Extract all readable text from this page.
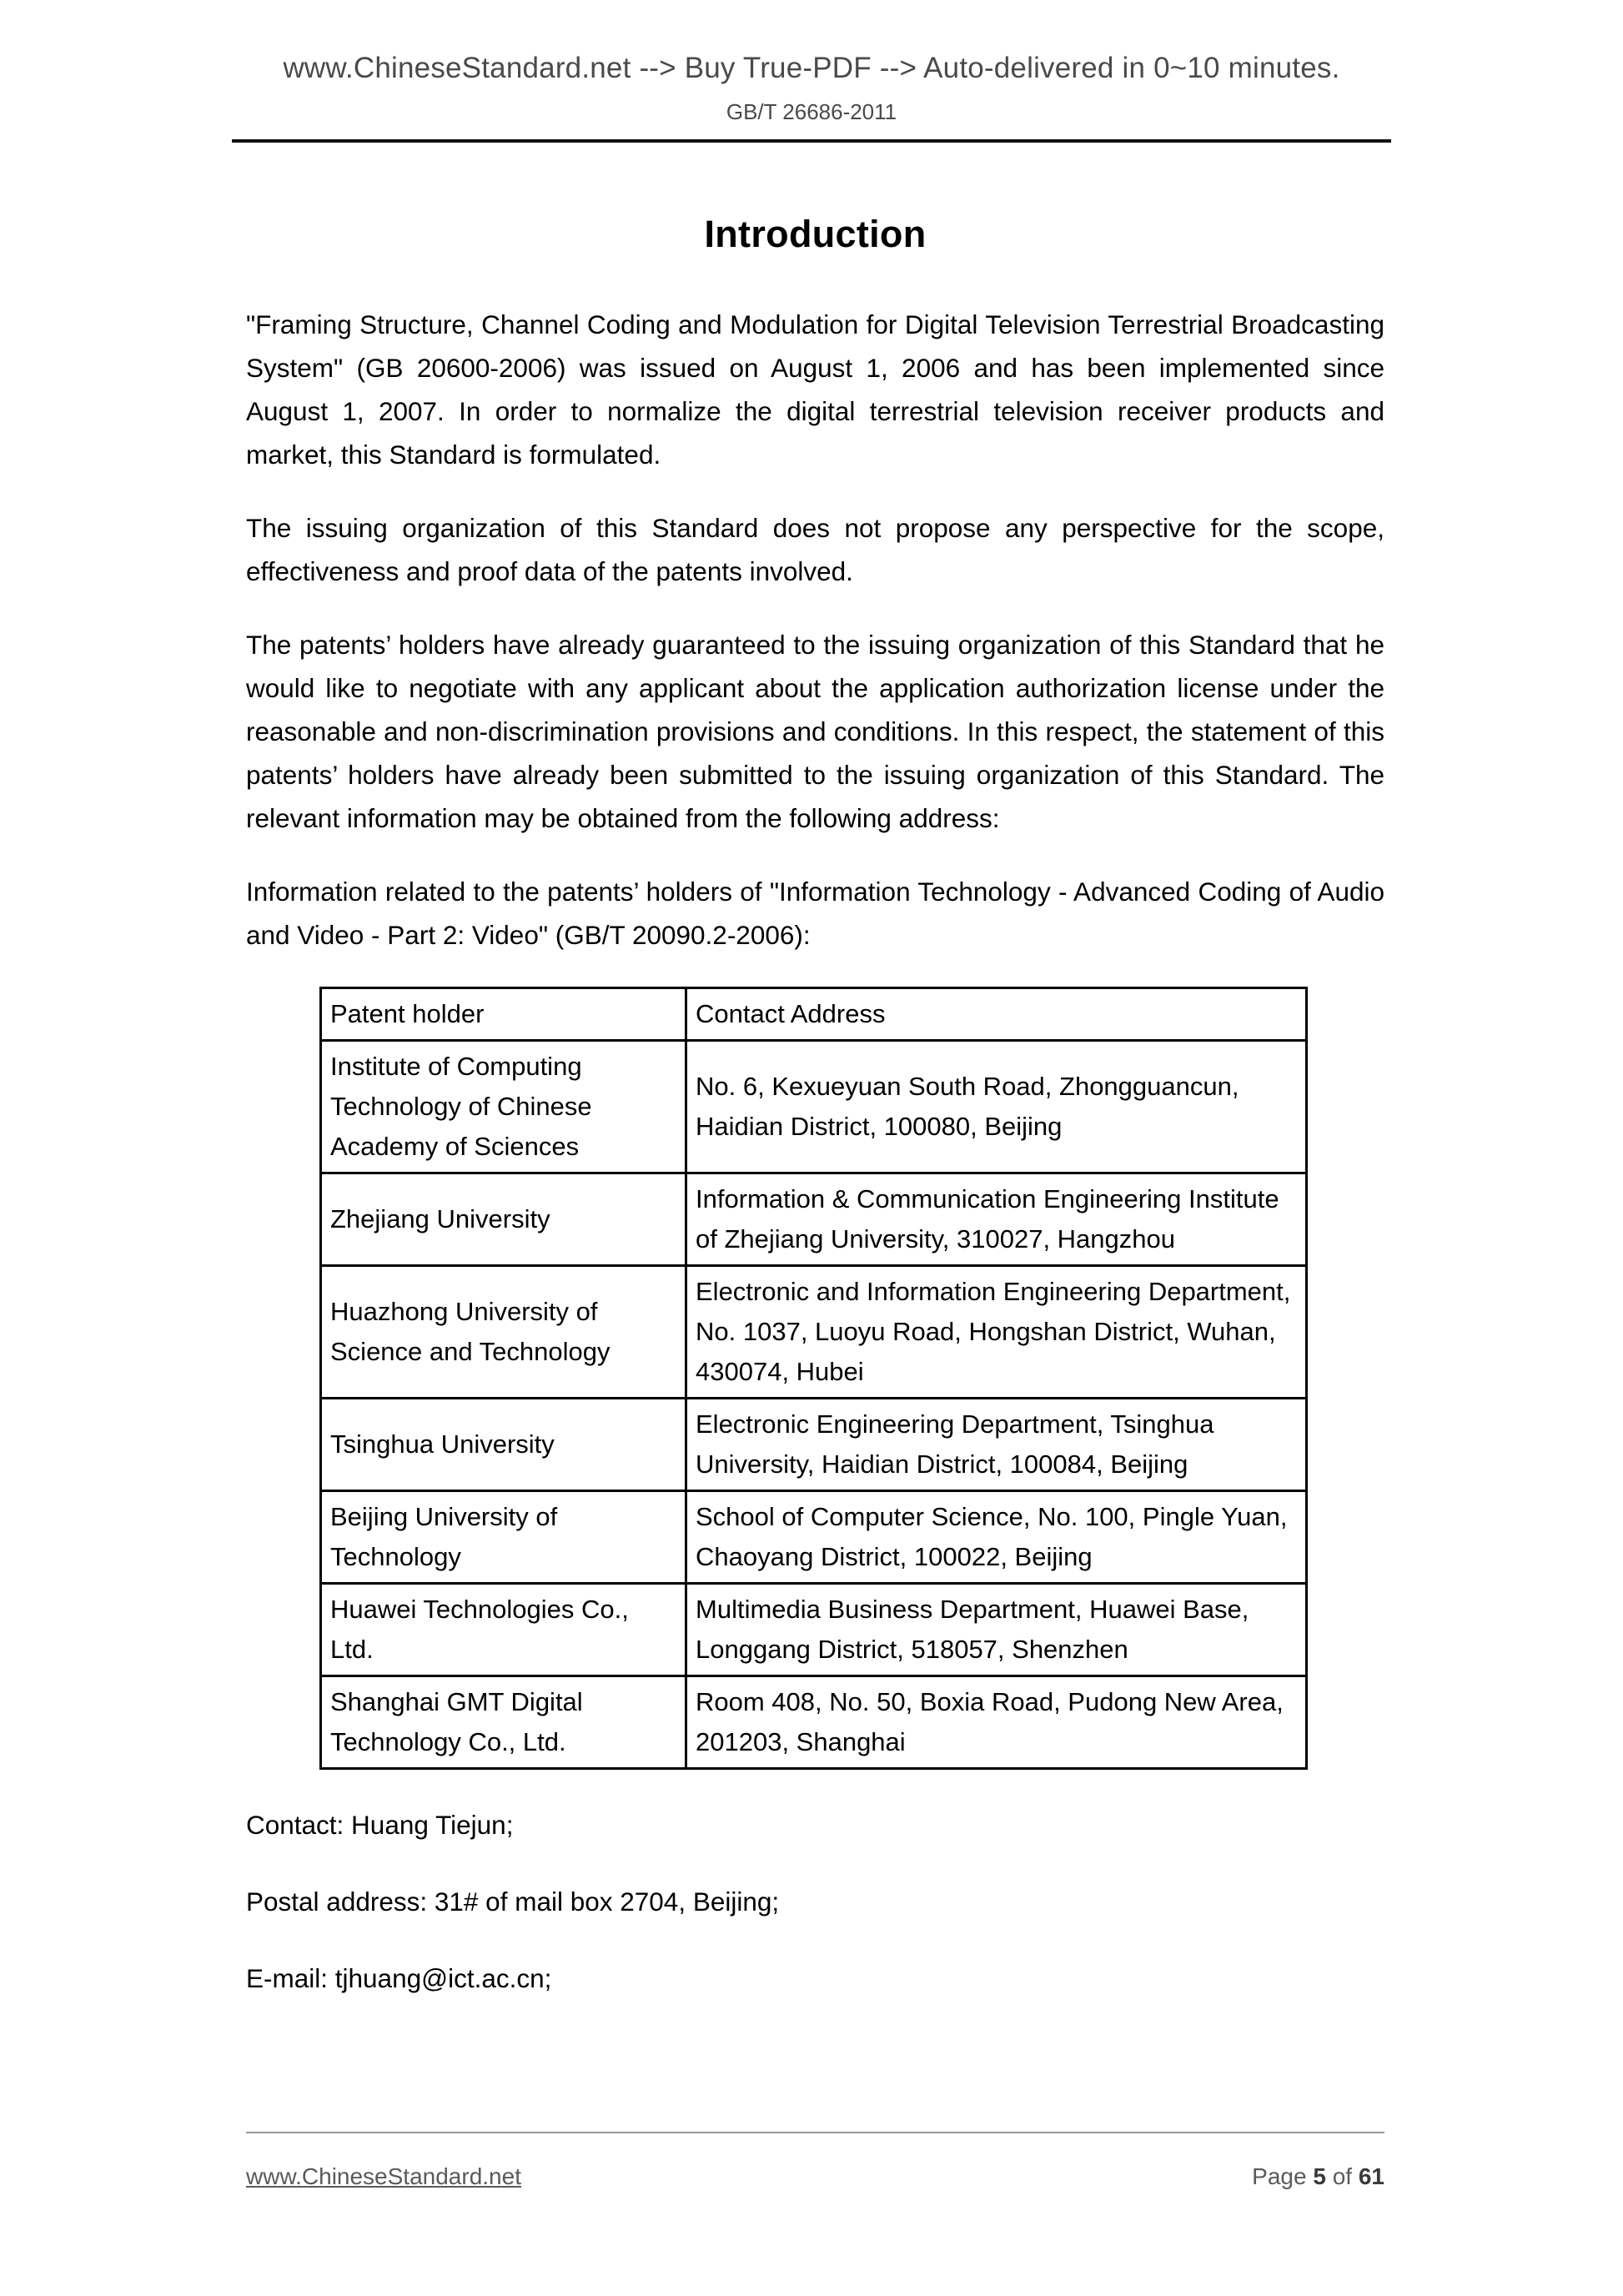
www.ChineseStandard.net --> Buy True-PDF --> Auto-delivered in 0~10 minutes.
GB/T 26686-2011
Introduction

"Framing Structure, Channel Coding and Modulation for Digital Television Terrestrial Broadcasting System" (GB 20600-2006) was issued on August 1, 2006 and has been implemented since August 1, 2007. In order to normalize the digital terrestrial television receiver products and market, this Standard is formulated.

The issuing organization of this Standard does not propose any perspective for the scope, effectiveness and proof data of the patents involved.

The patents’ holders have already guaranteed to the issuing organization of this Standard that he would like to negotiate with any applicant about the application authorization license under the reasonable and non-discrimination provisions and conditions. In this respect, the statement of this patents’ holders have already been submitted to the issuing organization of this Standard. The relevant information may be obtained from the following address:

Information related to the patents’ holders of "Information Technology - Advanced Coding of Audio and Video - Part 2: Video" (GB/T 20090.2-2006):

Patent holder	Contact Address
Institute of Computing Technology of Chinese Academy of Sciences	No. 6, Kexueyuan South Road, Zhongguancun, Haidian District, 100080, Beijing
Zhejiang University	Information & Communication Engineering Institute of Zhejiang University, 310027, Hangzhou
Huazhong University of Science and Technology	Electronic and Information Engineering Department, No. 1037, Luoyu Road, Hongshan District, Wuhan, 430074, Hubei
Tsinghua University	Electronic Engineering Department, Tsinghua University, Haidian District, 100084, Beijing
Beijing University of Technology	School of Computer Science, No. 100, Pingle Yuan, Chaoyang District, 100022, Beijing
Huawei Technologies Co., Ltd.	Multimedia Business Department, Huawei Base, Longgang District, 518057, Shenzhen
Shanghai GMT Digital Technology Co., Ltd.	Room 408, No. 50, Boxia Road, Pudong New Area, 201203, Shanghai

Contact: Huang Tiejun;

Postal address: 31# of mail box 2704, Beijing;

E-mail: tjhuang@ict.ac.cn;

www.ChineseStandard.net	Page 5 of 61
